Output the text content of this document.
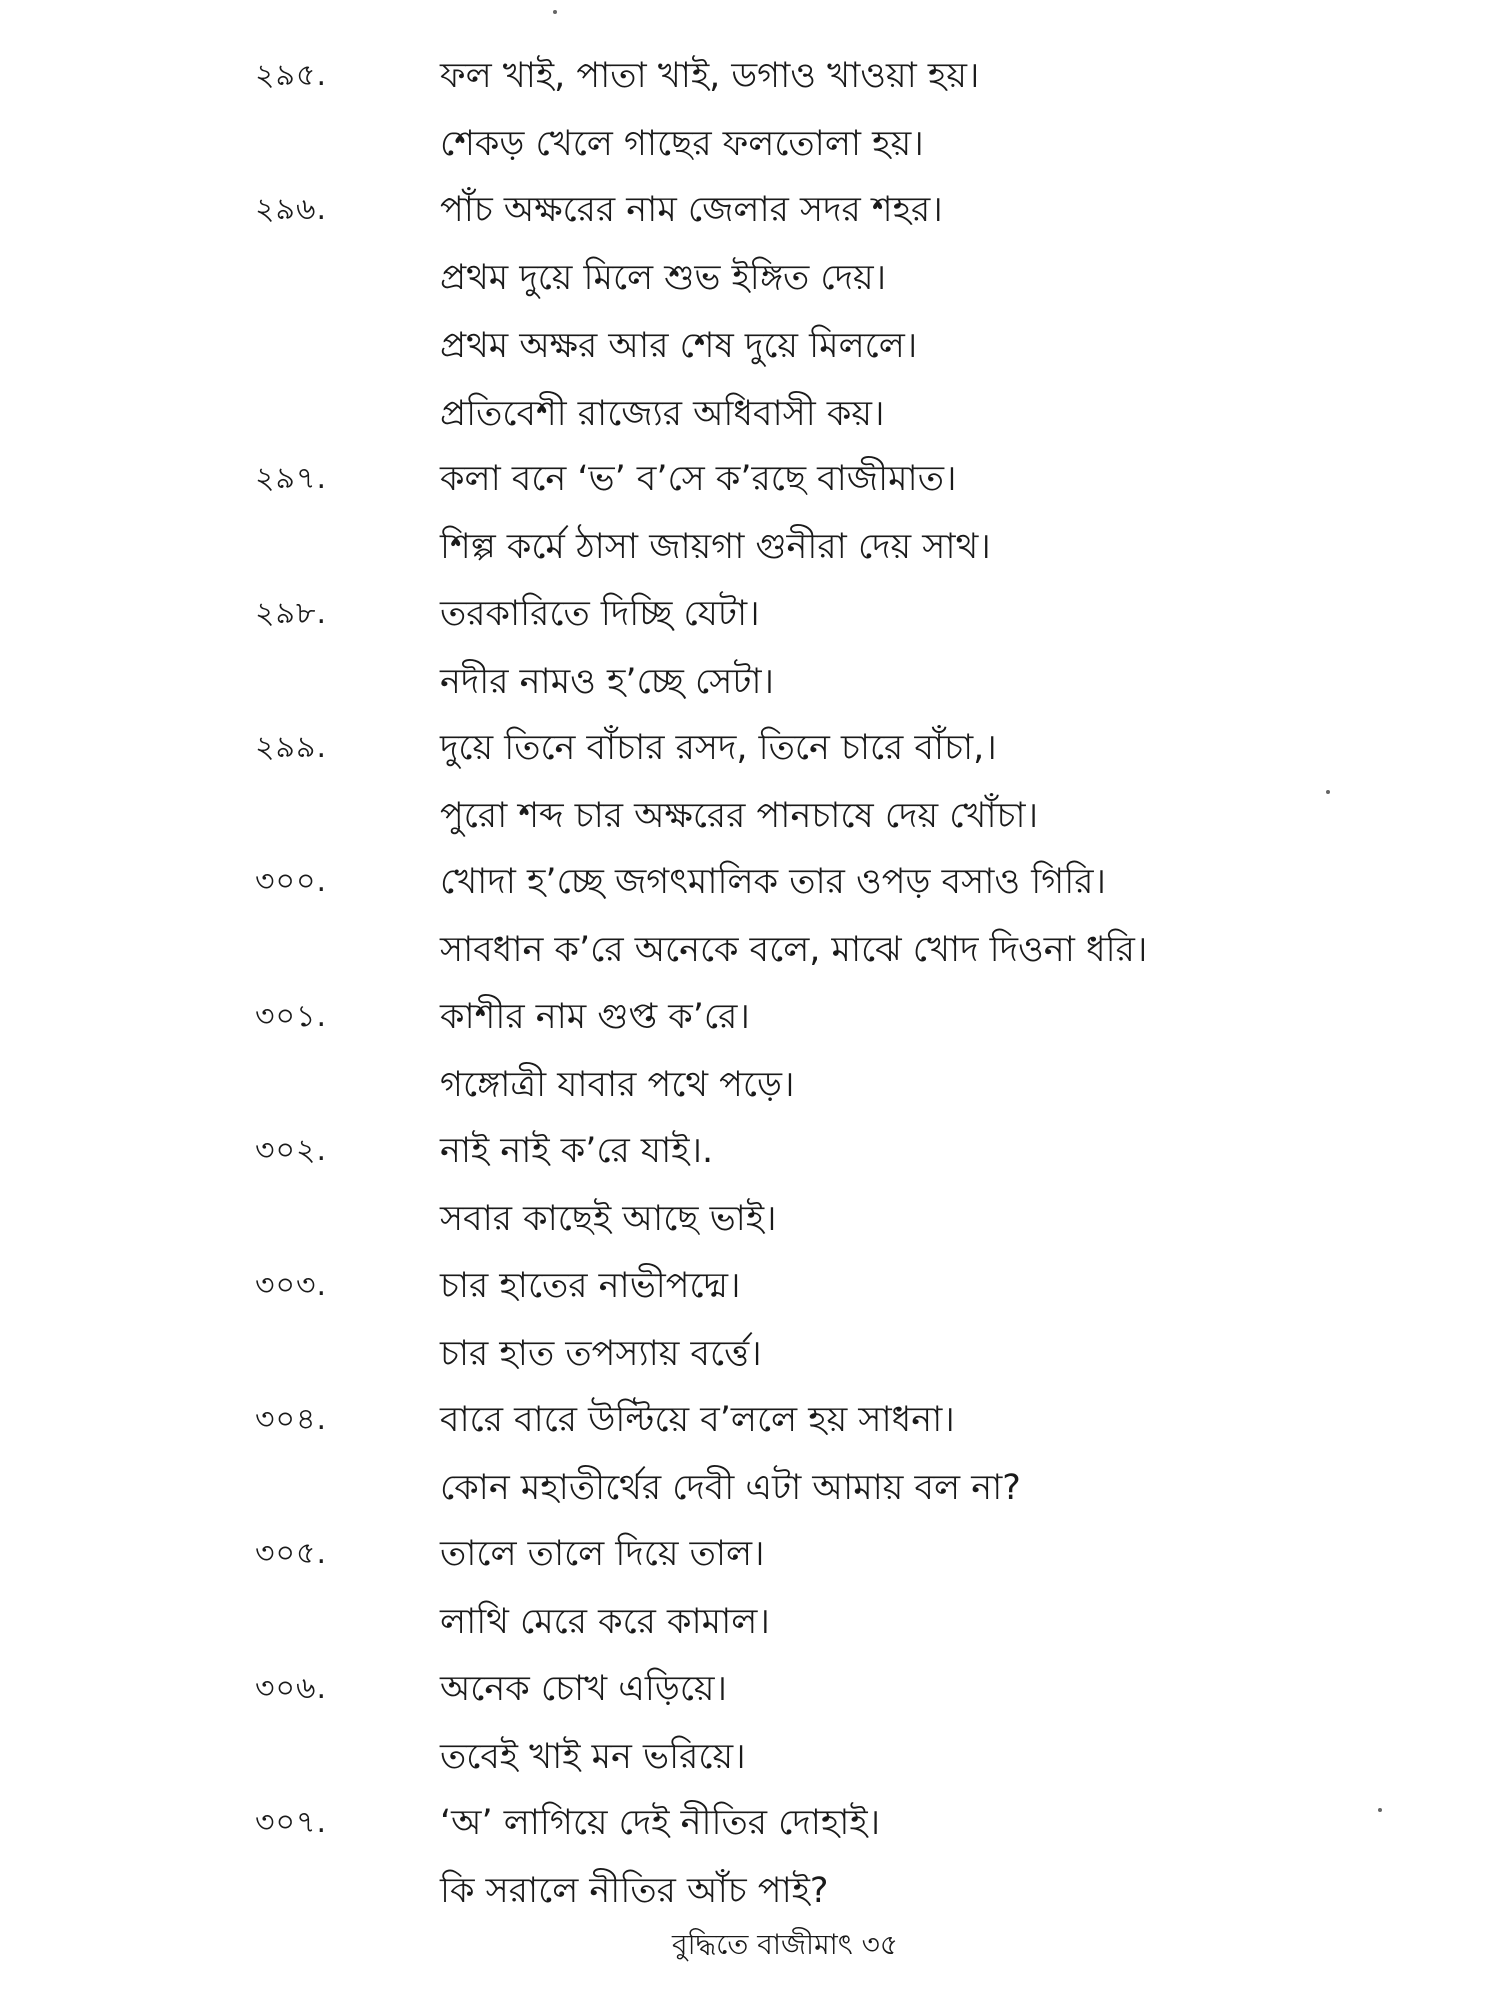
২৯৫.	ফল খাই, পাতা খাই, ডগাও খাওয়া হয়।
শেকড় খেলে গাছের ফলতোলা হয়।
২৯৬.	পাঁচ অক্ষরের নাম জেলার সদর শহর।
প্রথম দুয়ে মিলে শুভ ইঙ্গিত দেয়।
প্রথম অক্ষর আর শেষ দুয়ে মিললে।
প্রতিবেশী রাজ্যের অধিবাসী কয়।
২৯৭.	কলা বনে ‘ভ’ ব’সে ক’রছে বাজীমাত।
শিল্প কর্মে ঠাসা জায়গা গুনীরা দেয় সাথ।
২৯৮.	তরকারিতে দিচ্ছি যেটা।
নদীর নামও হ’চ্ছে সেটা।
২৯৯.	দুয়ে তিনে বাঁচার রসদ, তিনে চারে বাঁচা,।
পুরো শব্দ চার অক্ষরের পানচাষে দেয় খোঁচা।
৩০০.	খোদা হ’চ্ছে জগৎমালিক তার ওপড় বসাও গিরি।
সাবধান ক’রে অনেকে বলে, মাঝে খোদ দিওনা ধরি।
৩০১.	কাশীর নাম গুপ্ত ক’রে।
গঙ্গোত্রী যাবার পথে পড়ে।
৩০২.	নাই নাই ক’রে যাই।.
সবার কাছেই আছে ভাই।
৩০৩.	চার হাতের নাভীপদ্মে।
চার হাত তপস্যায় বর্ত্তে।
৩০৪.	বারে বারে উল্টিয়ে ব’ললে হয় সাধনা।
কোন মহাতীর্থের দেবী এটা আমায় বল না?
৩০৫.	তালে তালে দিয়ে তাল।
লাথি মেরে করে কামাল।
৩০৬.	অনেক চোখ এড়িয়ে।
তবেই খাই মন ভরিয়ে।
৩০৭.	‘অ’ লাগিয়ে দেই নীতির দোহাই।
কি সরালে নীতির আঁচ পাই?
বুদ্ধিতে বাজীমাৎ ৩৫
